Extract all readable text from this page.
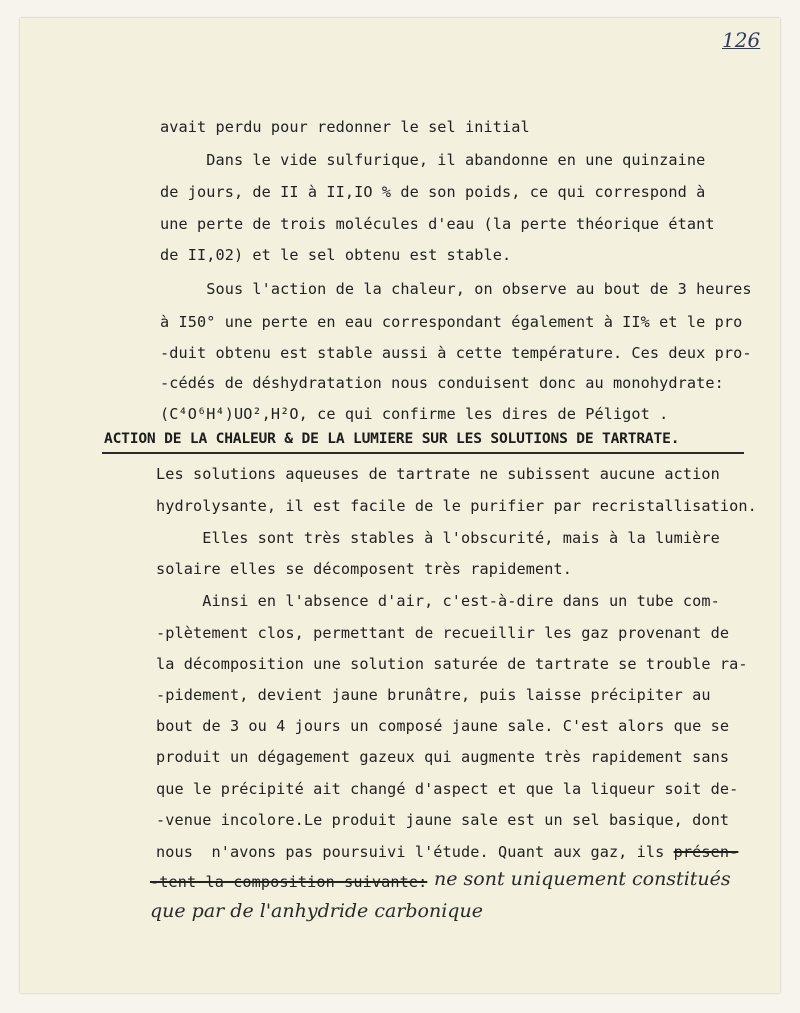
126
avait perdu pour redonner le sel initial
Dans le vide sulfurique, il abandonne en une quinzaine
de jours, de II à II,IO % de son poids, ce qui correspond à
une perte de trois molécules d'eau (la perte théorique étant
de II,02) et le sel obtenu est stable.
Sous l'action de la chaleur, on observe au bout de 3 heures
à I50° une perte en eau correspondant également à II% et le pro
-duit obtenu est stable aussi à cette température. Ces deux pro-
-cédés de déshydratation nous conduisent donc au monohydrate:
(C⁴O⁶H⁴)UO²,H²O, ce qui confirme les dires de Péligot .
ACTION DE LA CHALEUR & DE LA LUMIERE SUR LES SOLUTIONS DE TARTRATE.
Les solutions aqueuses de tartrate ne subissent aucune action
hydrolysante, il est facile de le purifier par recristallisation.
Elles sont très stables à l'obscurité, mais à la lumière
solaire elles se décomposent très rapidement.
Ainsi en l'absence d'air, c'est-à-dire dans un tube com-
-plètement clos, permettant de recueillir les gaz provenant de
la décomposition une solution saturée de tartrate se trouble ra-
-pidement, devient jaune brunâtre, puis laisse précipiter au
bout de 3 ou 4 jours un composé jaune sale. C'est alors que se
produit un dégagement gazeux qui augmente très rapidement sans
que le précipité ait changé d'aspect et que la liqueur soit de-
-venue incolore.Le produit jaune sale est un sel basique, dont
nous  n'avons pas poursuivi l'étude. Quant aux gaz, ils présen-
-tent la composition suivante: ne sont uniquement constitués
que par de l'anhydride carbonique
